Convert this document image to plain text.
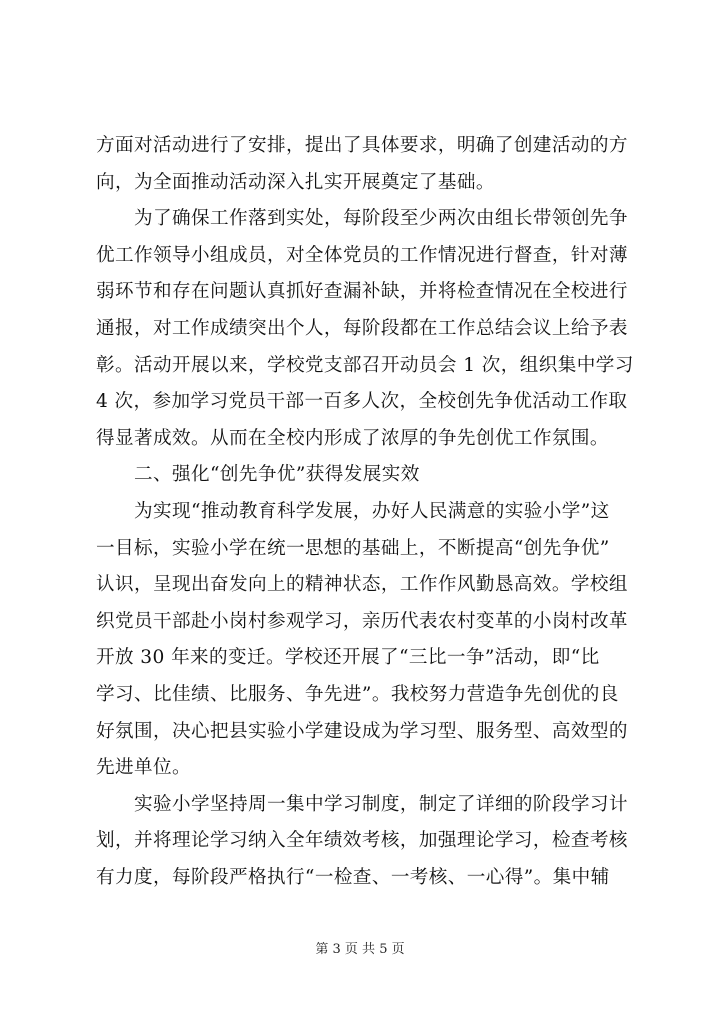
方面对活动进行了安排，提出了具体要求，明确了创建活动的方
向，为全面推动活动深入扎实开展奠定了基础。

为了确保工作落到实处，每阶段至少两次由组长带领创先争
优工作领导小组成员，对全体党员的工作情况进行督查，针对薄
弱环节和存在问题认真抓好查漏补缺，并将检查情况在全校进行
通报，对工作成绩突出个人，每阶段都在工作总结会议上给予表
彰。活动开展以来，学校党支部召开动员会 1 次，组织集中学习
4 次，参加学习党员干部一百多人次，全校创先争优活动工作取
得显著成效。从而在全校内形成了浓厚的争先创优工作氛围。

二、强化“创先争优”获得发展实效

为实现“推动教育科学发展，办好人民满意的实验小学”这
一目标，实验小学在统一思想的基础上，不断提高“创先争优”
认识，呈现出奋发向上的精神状态，工作作风勤恳高效。学校组
织党员干部赴小岗村参观学习，亲历代表农村变革的小岗村改革
开放 30 年来的变迁。学校还开展了“三比一争”活动，即“比
学习、比佳绩、比服务、争先进”。我校努力营造争先创优的良
好氛围，决心把县实验小学建设成为学习型、服务型、高效型的
先进单位。

实验小学坚持周一集中学习制度，制定了详细的阶段学习计
划，并将理论学习纳入全年绩效考核，加强理论学习，检查考核
有力度，每阶段严格执行“一检查、一考核、一心得”。集中辅

第 3 页 共 5 页
